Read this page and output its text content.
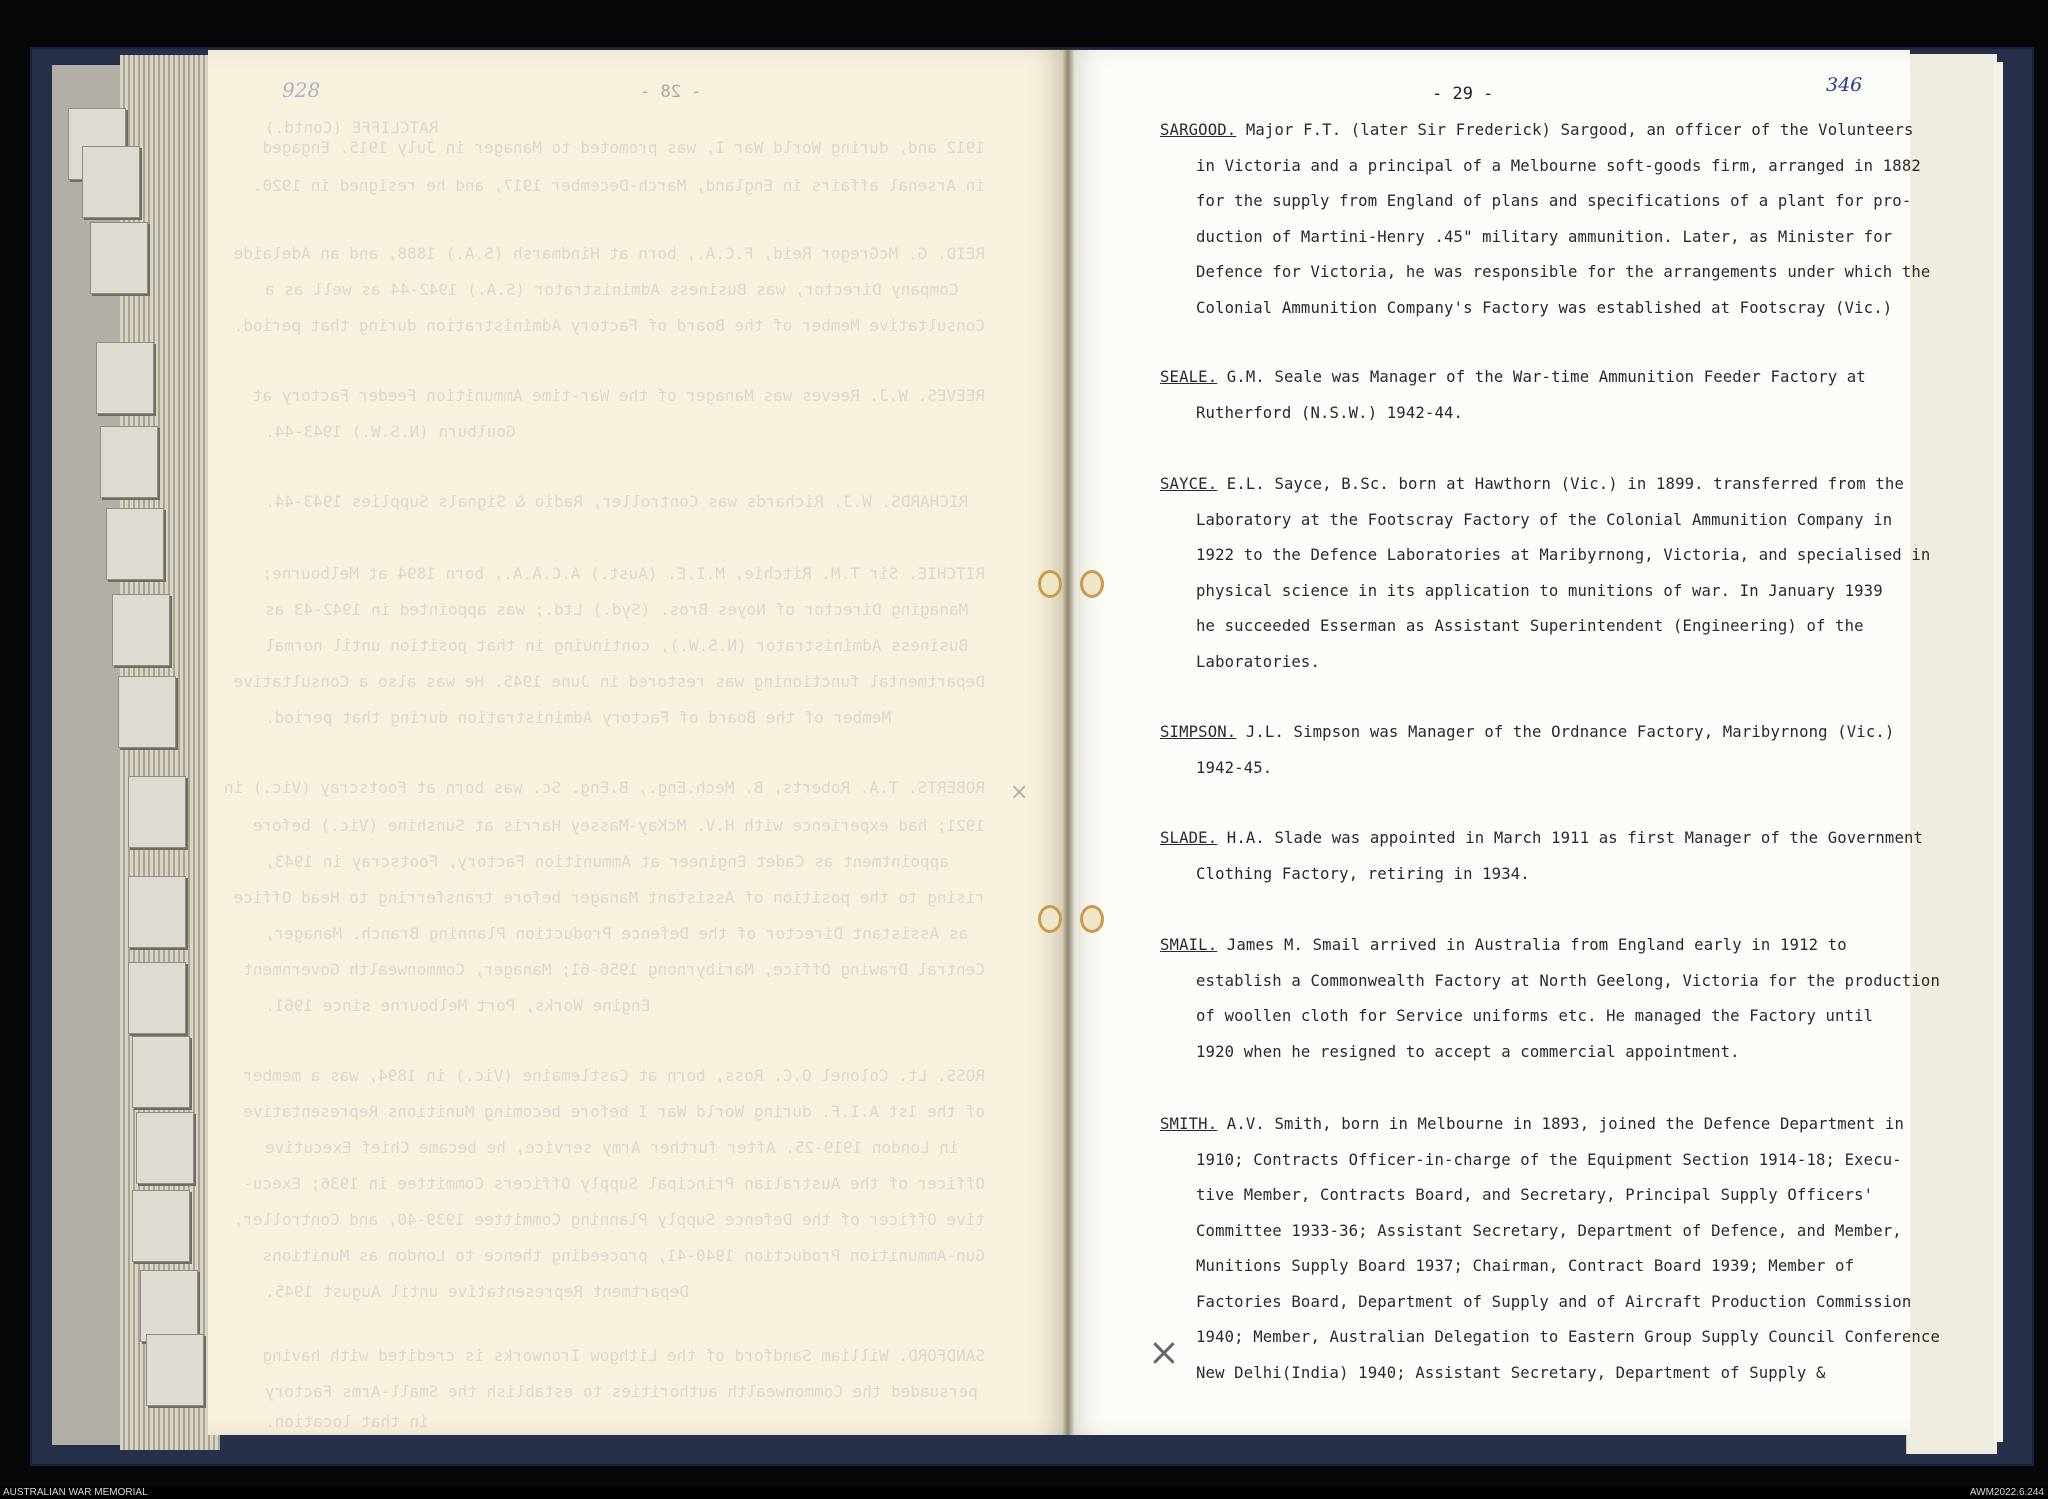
- 28 -
928
RATCLIFFE (Contd.)
1912 and, during World War I, was promoted to Manager in July 1915. Engaged
in Arsenal affairs in England, March-December 1917, and he resigned in 1920.
REID. G. McGregor Reid, F.C.A., born at Hindmarsh (S.A.) 1888, and an Adelaide
Company Director, was Business Administrator (S.A.) 1942-44 as well as a
Consultative Member of the Board of Factory Administration during that period.
REEVES. W.J. Reeves was Manager of the War-time Ammunition Feeder Factory at
Goulburn (N.S.W.) 1943-44.
RICHARDS. W.J. Richards was Controller, Radio & Signals Supplies 1943-44.
RITCHIE. Sir T.M. Ritchie, M.I.E. (Aust.) A.C.A.A., born 1894 at Melbourne;
Managing Director of Noyes Bros. (Syd.) Ltd.; was appointed in 1942-43 as
Business Administrator (N.S.W.), continuing in that position until normal
Departmental functioning was restored in June 1945. He was also a Consultative
Member of the Board of Factory Administration during that period.
ROBERTS. T.A. Roberts, B. Mech.Eng., B.Eng. Sc. was born at Footscray (Vic.) in
1921; had experience with H.V. McKay-Massey Harris at Sunshine (Vic.) before
appointment as Cadet Engineer at Ammunition Factory, Footscray in 1943,
rising to the position of Assistant Manager before transferring to Head Office
as Assistant Director of the Defence Production Planning Branch. Manager,
Central Drawing Office, Maribyrnong 1956-61; Manager, Commonwealth Government
Engine Works, Port Melbourne since 1961.
ROSS. Lt. Colonel O.C. Ross, born at Castlemaine (Vic.) in 1894, was a member
of the 1st A.I.F. during World War I before becoming Munitions Representative
in London 1919-25. After further Army service, he became Chief Executive
Officer of the Australian Principal Supply Officers Committee in 1936; Execu-
tive Officer of the Defence Supply Planning Committee 1939-40, and Controller,
Gun-Ammunition Production 1940-41, proceeding thence to London as Munitions
Department Representative until August 1945.
SANDFORD. William Sandford of the Lithgow Ironworks is credited with having
persuaded the Commonwealth authorities to establish the Small-Arms Factory
in that location.
- 29 -	346
SARGOOD. Major F.T. (later Sir Frederick) Sargood, an officer of the Volunteers
in Victoria and a principal of a Melbourne soft-goods firm, arranged in 1882
for the supply from England of plans and specifications of a plant for pro-
duction of Martini-Henry .45" military ammunition. Later, as Minister for
Defence for Victoria, he was responsible for the arrangements under which the
Colonial Ammunition Company's Factory was established at Footscray (Vic.)
SEALE. G.M. Seale was Manager of the War-time Ammunition Feeder Factory at
Rutherford (N.S.W.) 1942-44.
SAYCE. E.L. Sayce, B.Sc. born at Hawthorn (Vic.) in 1899. transferred from the
Laboratory at the Footscray Factory of the Colonial Ammunition Company in
1922 to the Defence Laboratories at Maribyrnong, Victoria, and specialised in
physical science in its application to munitions of war. In January 1939
he succeeded Esserman as Assistant Superintendent (Engineering) of the
Laboratories.
SIMPSON. J.L. Simpson was Manager of the Ordnance Factory, Maribyrnong (Vic.)
1942-45.
SLADE. H.A. Slade was appointed in March 1911 as first Manager of the Government
Clothing Factory, retiring in 1934.
SMAIL. James M. Smail arrived in Australia from England early in 1912 to
establish a Commonwealth Factory at North Geelong, Victoria for the production
of woollen cloth for Service uniforms etc. He managed the Factory until
1920 when he resigned to accept a commercial appointment.
SMITH. A.V. Smith, born in Melbourne in 1893, joined the Defence Department in
1910; Contracts Officer-in-charge of the Equipment Section 1914-18; Execu-
tive Member, Contracts Board, and Secretary, Principal Supply Officers'
Committee 1933-36; Assistant Secretary, Department of Defence, and Member,
Munitions Supply Board 1937; Chairman, Contract Board 1939; Member of
Factories Board, Department of Supply and of Aircraft Production Commission
1940; Member, Australian Delegation to Eastern Group Supply Council Conference
New Delhi(India) 1940; Assistant Secretary, Department of Supply &
×
×
AUSTRALIAN WAR MEMORIAL	AWM2022.6.244
